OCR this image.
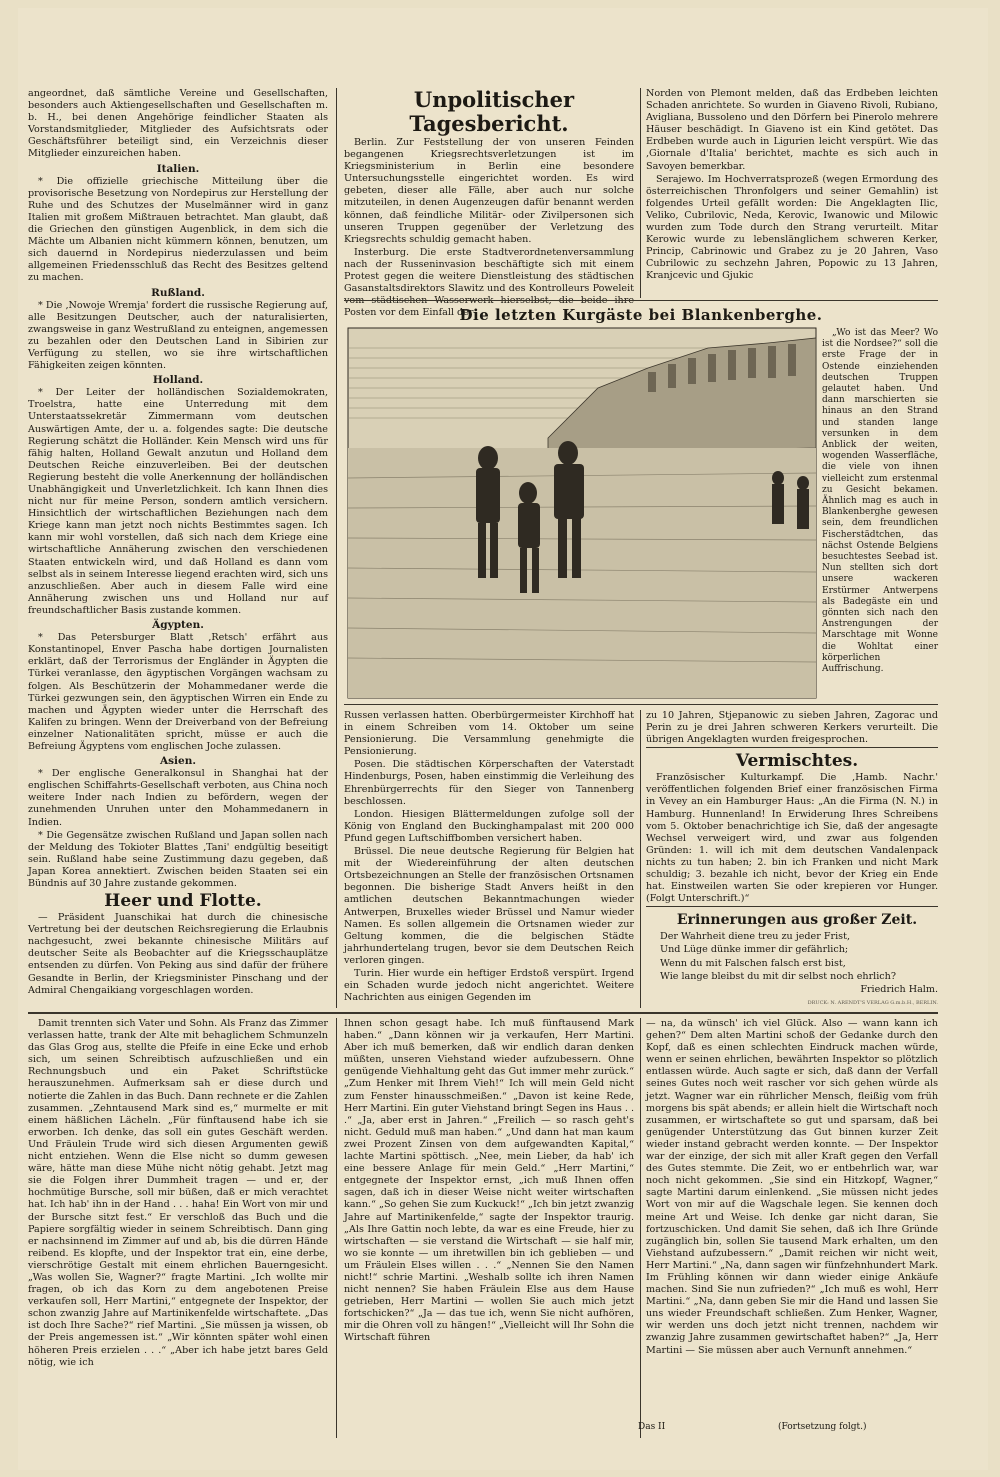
angeordnet, daß sämtliche Vereine und Gesellschaften, besonders auch Aktiengesellschaften und Gesellschaften m. b. H., bei denen Angehörige feindlicher Staaten als Vorstandsmitglieder, Mitglieder des Aufsichtsrats oder Geschäftsführer beteiligt sind, ein Verzeichnis dieser Mitglieder einzureichen haben.

Italien.

* Die offizielle griechische Mitteilung über die provisorische Besetzung von Nordepirus zur Herstellung der Ruhe und des Schutzes der Muselmänner wird in ganz Italien mit großem Mißtrauen betrachtet. Man glaubt, daß die Griechen den günstigen Augenblick, in dem sich die Mächte um Albanien nicht kümmern können, benutzen, um sich dauernd in Nordepirus niederzulassen und beim allgemeinen Friedensschluß das Recht des Besitzes geltend zu machen.

Rußland.

* Die ‚Nowoje Wremja' fordert die russische Regierung auf, alle Besitzungen Deutscher, auch der naturalisierten, zwangsweise in ganz Westrußland zu enteignen, angemessen zu bezahlen oder den Deutschen Land in Sibirien zur Verfügung zu stellen, wo sie ihre wirtschaftlichen Fähigkeiten zeigen könnten.

Holland.

* Der Leiter der holländischen Sozialdemokraten, Troelstra, hatte eine Unterredung mit dem Unterstaatssekretär Zimmermann vom deutschen Auswärtigen Amte, der u. a. folgendes sagte: Die deutsche Regierung schätzt die Holländer. Kein Mensch wird uns für fähig halten, Holland Gewalt anzutun und Holland dem Deutschen Reiche einzuverleiben. Bei der deutschen Regierung besteht die volle Anerkennung der holländischen Unabhängigkeit und Unverletzlichkeit. Ich kann Ihnen dies nicht nur für meine Person, sondern amtlich versichern. Hinsichtlich der wirtschaftlichen Beziehungen nach dem Kriege kann man jetzt noch nichts Bestimmtes sagen. Ich kann mir wohl vorstellen, daß sich nach dem Kriege eine wirtschaftliche Annäherung zwischen den verschiedenen Staaten entwickeln wird, und daß Holland es dann vom selbst als in seinem Interesse liegend erachten wird, sich uns anzuschließen. Aber auch in diesem Falle wird eine Annäherung zwischen uns und Holland nur auf freundschaftlicher Basis zustande kommen.

Ägypten.

* Das Petersburger Blatt ‚Retsch' erfährt aus Konstantinopel, Enver Pascha habe dortigen Journalisten erklärt, daß der Terrorismus der Engländer in Ägypten die Türkei veranlasse, den ägyptischen Vorgängen wachsam zu folgen. Als Beschützerin der Mohammedaner werde die Türkei gezwungen sein, den ägyptischen Wirren ein Ende zu machen und Ägypten wieder unter die Herrschaft des Kalifen zu bringen. Wenn der Dreiverband von der Befreiung einzelner Nationalitäten spricht, müsse er auch die Befreiung Ägyptens vom englischen Joche zulassen.

Asien.

* Der englische Generalkonsul in Shanghai hat der englischen Schiffahrts-Gesellschaft verboten, aus China noch weitere Inder nach Indien zu befördern, wegen der zunehmenden Unruhen unter den Mohammedanern in Indien.

* Die Gegensätze zwischen Rußland und Japan sollen nach der Meldung des Tokioter Blattes ‚Tani' endgültig beseitigt sein. Rußland habe seine Zustimmung dazu gegeben, daß Japan Korea annektiert. Zwischen beiden Staaten sei ein Bündnis auf 30 Jahre zustande gekommen.

Heer und Flotte.

— Präsident Juanschikai hat durch die chinesische Vertretung bei der deutschen Reichsregierung die Erlaubnis nachgesucht, zwei bekannte chinesische Militärs auf deutscher Seite als Beobachter auf die Kriegsschauplätze entsenden zu dürfen. Von Peking aus sind dafür der frühere Gesandte in Berlin, der Kriegsminister Pinschang und der Admiral Chengaikiang vorgeschlagen worden.

Unpolitischer Tagesbericht.

Berlin. Zur Feststellung der von unseren Feinden begangenen Kriegsrechtsverletzungen ist im Kriegsministerium in Berlin eine besondere Untersuchungsstelle eingerichtet worden. Es wird gebeten, dieser alle Fälle, aber auch nur solche mitzuteilen, in denen Augenzeugen dafür benannt werden können, daß feindliche Militär- oder Zivilpersonen sich unseren Truppen gegenüber der Verletzung des Kriegsrechts schuldig gemacht haben.

Insterburg. Die erste Stadtverordnetenversammlung nach der Russeninvasion beschäftigte sich mit einem Protest gegen die weitere Dienstleistung des städtischen Gasanstaltsdirektors Slawitz und des Kontrolleurs Poweleit Posten vor dem Einfall der

Norden von Plemont melden, daß das Erdbeben leichten Schaden anrichtete. So wurden in Giaveno Rivoli, Rubiano, Avigliana, Bussoleno und den Dörfern bei Pinerolo mehrere Häuser beschädigt. In Giaveno ist ein Kind getötet. Das Erdbeben wurde auch in Ligurien leicht verspürt. Wie das ‚Giornale d'Italia' berichtet, machte es sich auch in Savoyen bemerkbar.

Serajewo. Im Hochverratsprozeß (wegen Ermordung des österreichischen Thronfolgers und seiner Gemahlin) ist folgendes Urteil gefällt worden: Die Angeklagten Ilic, Veliko, Cubrilovic, Neda, Kerovic, Iwanowic und Milowic wurden zum Tode durch den Strang verurteilt. Mitar Kerowic wurde zu lebenslänglichem schweren Kerker, Princip, Cabrinowic und Grabez zu je 20 Jahren, Vaso Cubrilowic zu sechzehn Jahren, Popowic zu 13 Jahren, Kranjcevic und Gjukic

Die letzten Kurgäste bei Blankenberghe.

„Wo ist das Meer? Wo ist die Nordsee?“ soll die erste Frage der in Ostende einziehenden deutschen Truppen gelautet haben. Und dann marschierten sie hinaus an den Strand und standen lange versunken in dem Anblick der weiten, wogenden Wasserfläche, die viele von ihnen vielleicht zum erstenmal zu Gesicht bekamen. Ähnlich mag es auch in Blankenberghe gewesen sein, dem freundlichen Fischerstädtchen, das nächst Ostende Belgiens besuchtestes Seebad ist. Nun stellten sich dort unsere wackeren Erstürmer Antwerpens als Badegäste ein und gönnten sich nach den Anstrengungen der Marschtage mit Wonne die Wohltat einer körperlichen Auffrischung.

Russen verlassen hatten. Oberbürgermeister Kirchhoff hat in einem Schreiben vom 14. Oktober um seine Pensionierung. Die Versammlung genehmigte die Pensionierung.

Posen. Die städtischen Körperschaften der Vaterstadt Hindenburgs, Posen, haben einstimmig die Verleihung des Ehrenbürgerrechts für den Sieger von Tannenberg beschlossen.

London. Hiesigen Blättermeldungen zufolge soll der König von England den Buckinghampalast mit 200 000 Pfund gegen Luftschiffbomben versichert haben.

Brüssel. Die neue deutsche Regierung für Belgien hat mit der Wiedereinführung der alten deutschen Ortsbezeichnungen an Stelle der französischen Ortsnamen begonnen. Die bisherige Stadt Anvers heißt in den amtlichen deutschen Bekanntmachungen wieder Antwerpen, Bruxelles wieder Brüssel und Namur wieder Namen. Es sollen allgemein die Ortsnamen wieder zur Geltung kommen, die die belgischen Städte jahrhundertelang trugen, bevor sie dem Deutschen Reich verloren gingen.

Turin. Hier wurde ein heftiger Erdstoß verspürt. Irgend ein Schaden wurde jedoch nicht angerichtet. Weitere Nachrichten aus einigen Gegenden im

zu 10 Jahren, Stjepanowic zu sieben Jahren, Zagorac und Perin zu je drei Jahren schweren Kerkers verurteilt. Die übrigen Angeklagten wurden freigesprochen.

Vermischtes.

Französischer Kulturkampf. Die ‚Hamb. Nachr.' veröffentlichen folgenden Brief einer französischen Firma in Vevey an ein Hamburger Haus: „An die Firma (N. N.) in Hamburg. Hunnenland! In Erwiderung Ihres Schreibens vom 5. Oktober benachrichtige ich Sie, daß der angesagte Wechsel verweigert wird, und zwar aus folgenden Gründen: 1. will ich mit dem deutschen Vandalenpack nichts zu tun haben; 2. bin ich Franken und nicht Mark schuldig; 3. bezahle ich nicht, bevor der Krieg ein Ende hat. Einstweilen warten Sie oder krepieren vor Hunger. (Folgt Unterschrift.)“

Erinnerungen aus großer Zeit.

Der Wahrheit diene treu zu jeder Frist,

Und Lüge dünke immer dir gefährlich;

Wenn du mit Falschen falsch erst bist,

Wie lange bleibst du mit dir selbst noch ehrlich?

Friedrich Halm.

DRUCK: N. ARENDT'S VERLAG G.m.b.H., BERLIN.

Damit trennten sich Vater und Sohn. Als Franz das Zimmer verlassen hatte, trank der Alte mit behaglichem Schmunzeln das Glas Grog aus, stellte die Pfeife in eine Ecke und erhob sich, um seinen Schreibtisch aufzuschließen und ein Rechnungsbuch und ein Paket Schriftstücke herauszunehmen. Aufmerksam sah er diese durch und notierte die Zahlen in das Buch. Dann rechnete er die Zahlen zusammen. „Zehntausend Mark sind es,“ murmelte er mit einem häßlichen Lächeln. „Für fünftausend habe ich sie erworben. Ich denke, das soll ein gutes Geschäft werden. Und Fräulein Trude wird sich diesen Argumenten gewiß nicht entziehen. Wenn die Else nicht so dumm gewesen wäre, hätte man diese Mühe nicht nötig gehabt. Jetzt mag sie die Folgen ihrer Dummheit tragen — und er, der hochmütige Bursche, soll mir büßen, daß er mich verachtet hat. Ich hab' ihn in der Hand . . . haha! Ein Wort von mir und der Bursche sitzt fest.“ Er verschloß das Buch und die Papiere sorgfältig wieder in seinem Schreibtisch. Dann ging er nachsinnend im Zimmer auf und ab, bis die dürren Hände reibend. Es klopfte, und der Inspektor trat ein, eine derbe, vierschrötige Gestalt mit einem ehrlichen Bauerngesicht. „Was wollen Sie, Wagner?“ fragte Martini. „Ich wollte mir fragen, ob ich das Korn zu dem angebotenen Preise verkaufen soll, Herr Martini,“ entgegnete der Inspektor, der schon zwanzig Jahre auf Martinikenfelde wirtschaftete. „Das ist doch Ihre Sache?“ rief Martini. „Sie müssen ja wissen, ob der Preis angemessen ist.“ „Wir könnten später wohl einen höheren Preis erzielen . . .“ „Aber ich habe jetzt bares Geld nötig, wie ich

Ihnen schon gesagt habe. Ich muß fünftausend Mark haben.“ „Dann können wir ja verkaufen, Herr Martini. Aber ich muß bemerken, daß wir endlich daran denken müßten, unseren Viehstand wieder aufzubessern. Ohne genügende Viehhaltung geht das Gut immer mehr zurück.“ „Zum Henker mit Ihrem Vieh!“ Ich will mein Geld nicht zum Fenster hinausschmeißen.“ „Davon ist keine Rede, Herr Martini. Ein guter Viehstand bringt Segen ins Haus . . .“ „Ja, aber erst in Jahren.“ „Freilich — so rasch geht's nicht. Geduld muß man haben.“ „Und dann hat man kaum zwei Prozent Zinsen von dem aufgewandten Kapital,“ lachte Martini spöttisch. „Nee, mein Lieber, da hab' ich eine bessere Anlage für mein Geld.“ „Herr Martini,“ entgegnete der Inspektor ernst, „ich muß Ihnen offen sagen, daß ich in dieser Weise nicht weiter wirtschaften kann.“ „So gehen Sie zum Kuckuck!“ „Ich bin jetzt zwanzig Jahre auf Martinikenfelde,“ sagte der Inspektor traurig. „Als Ihre Gattin noch lebte, da war es eine Freude, hier zu wirtschaften — sie verstand die Wirtschaft — sie half mir, wo sie konnte — um ihretwillen bin ich geblieben — und um Fräulein Elses willen . . .“ „Nennen Sie den Namen nicht!“ schrie Martini. „Weshalb sollte ich ihren Namen nicht nennen? Sie haben Fräulein Else aus dem Hause getrieben, Herr Martini — wollen Sie auch mich jetzt fortschicken?“ „Ja — das tue ich, wenn Sie nicht aufhören, mir die Ohren voll zu hängen!“ „Vielleicht will Ihr Sohn die Wirtschaft führen

— na, da wünsch' ich viel Glück. Also — wann kann ich gehen?“ Dem alten Martini schoß der Gedanke durch den Kopf, daß es einen schlechten Eindruck machen würde, wenn er seinen ehrlichen, bewährten Inspektor so plötzlich entlassen würde. Auch sagte er sich, daß dann der Verfall seines Gutes noch weit rascher vor sich gehen würde als jetzt. Wagner war ein rührlicher Mensch, fleißig vom früh morgens bis spät abends; er allein hielt die Wirtschaft noch zusammen, er wirtschaftete so gut und sparsam, daß bei genügender Unterstützung das Gut binnen kurzer Zeit wieder instand gebracht werden konnte. — Der Inspektor war der einzige, der sich mit aller Kraft gegen den Verfall des Gutes stemmte. Die Zeit, wo er entbehrlich war, war noch nicht gekommen. „Sie sind ein Hitzkopf, Wagner,“ sagte Martini darum einlenkend. „Sie müssen nicht jedes Wort von mir auf die Wagschale legen. Sie kennen doch meine Art und Weise. Ich denke gar nicht daran, Sie fortzuschicken. Und damit Sie sehen, daß ich Ihre Gründe zugänglich bin, sollen Sie tausend Mark erhalten, um den Viehstand aufzubessern.“ „Damit reichen wir nicht weit, Herr Martini.“ „Na, dann sagen wir fünfzehnhundert Mark. Im Frühling können wir dann wieder einige Ankäufe machen. Sind Sie nun zufrieden?“ „Ich muß es wohl, Herr Martini.“ „Na, dann geben Sie mir die Hand und lassen Sie uns wieder Freundschaft schließen. Zum Henker, Wagner, wir werden uns doch jetzt nicht trennen, nachdem wir zwanzig Jahre zusammen gewirtschaftet haben?“ „Ja, Herr Martini — Sie müssen aber auch Vernunft annehmen.“

Das II	(Fortsetzung folgt.)
